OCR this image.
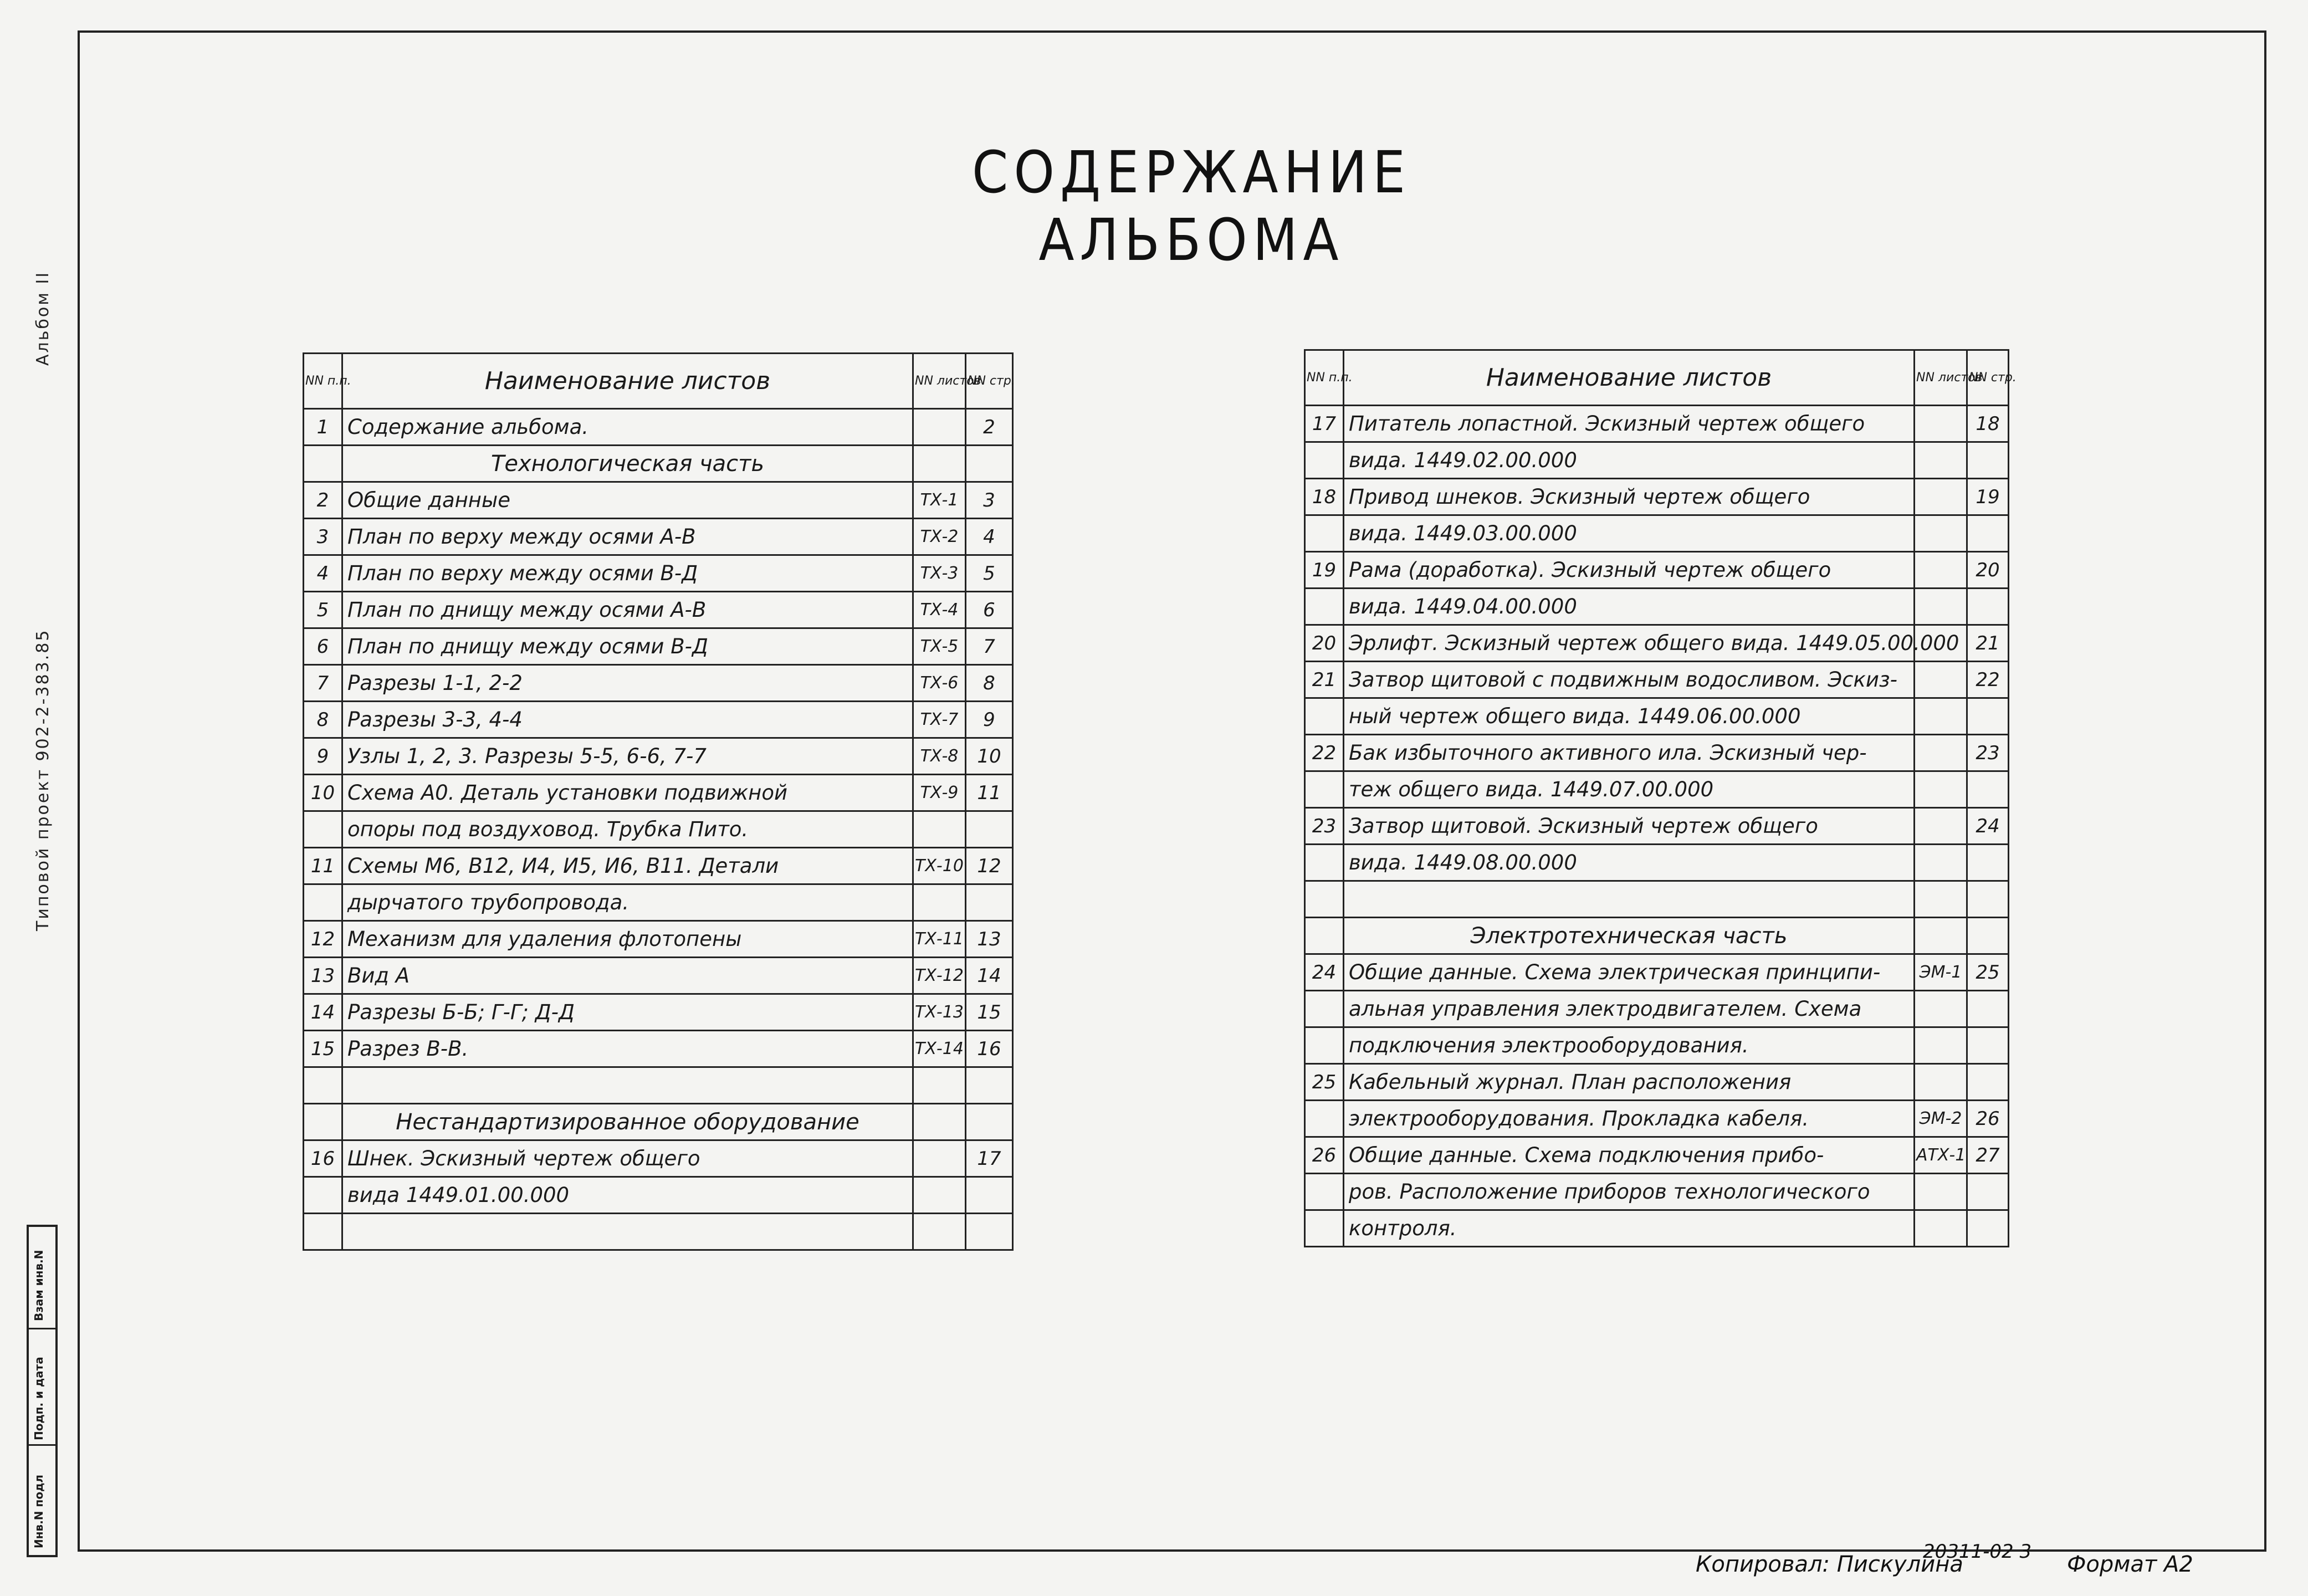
СОДЕРЖАНИЕ АЛЬБОМА
Альбом II
Типовой проект 902-2-383.85
Взам инв.N
Подп. и дата
Инв.N подл
NN п.п.	Наименование листов	NN листов	NN стр.
1	Содержание альбома.		2
	Технологическая часть		
2	Общие данные	ТХ-1	3
3	План по верху между осями А-В	ТХ-2	4
4	План по верху между осями В-Д	ТХ-3	5
5	План по днищу между осями А-В	ТХ-4	6
6	План по днищу между осями В-Д	ТХ-5	7
7	Разрезы 1-1, 2-2	ТХ-6	8
8	Разрезы 3-3, 4-4	ТХ-7	9
9	Узлы 1, 2, 3. Разрезы 5-5, 6-6, 7-7	ТХ-8	10
10	Схема А0. Деталь установки подвижной	ТХ-9	11
	опоры под воздуховод. Трубка Пито.		
11	Схемы М6, В12, И4, И5, И6, В11. Детали	ТХ-10	12
	дырчатого трубопровода.		
12	Механизм для удаления флотопены	ТХ-11	13
13	Вид А	ТХ-12	14
14	Разрезы Б-Б; Г-Г; Д-Д	ТХ-13	15
15	Разрез В-В.	ТХ-14	16

	Нестандартизированное оборудование		
16	Шнек. Эскизный чертеж общего		17
	вида 1449.01.00.000		

NN п.п.	Наименование листов	NN листов	NN стр.
17	Питатель лопастной. Эскизный чертеж общего		18
	вида. 1449.02.00.000		
18	Привод шнеков. Эскизный чертеж общего		19
	вида. 1449.03.00.000		
19	Рама (доработка). Эскизный чертеж общего		20
	вида. 1449.04.00.000		
20	Эрлифт. Эскизный чертеж общего вида. 1449.05.00.000		21
21	Затвор щитовой с подвижным водосливом. Эскиз-		22
	ный чертеж общего вида. 1449.06.00.000		
22	Бак избыточного активного ила. Эскизный чер-		23
	теж общего вида. 1449.07.00.000		
23	Затвор щитовой. Эскизный чертеж общего		24
	вида. 1449.08.00.000		

	Электротехническая часть		
24	Общие данные. Схема электрическая принципи-	ЭМ-1	25
	альная управления электродвигателем. Схема		
	подключения электрооборудования.		
25	Кабельный журнал. План расположения		
	электрооборудования. Прокладка кабеля.	ЭМ-2	26
26	Общие данные. Схема подключения прибо-	АТХ-1	27
	ров. Расположение приборов технологического		
	контроля.		
Копировал: Пискулина
20311-02 3 Формат А2
